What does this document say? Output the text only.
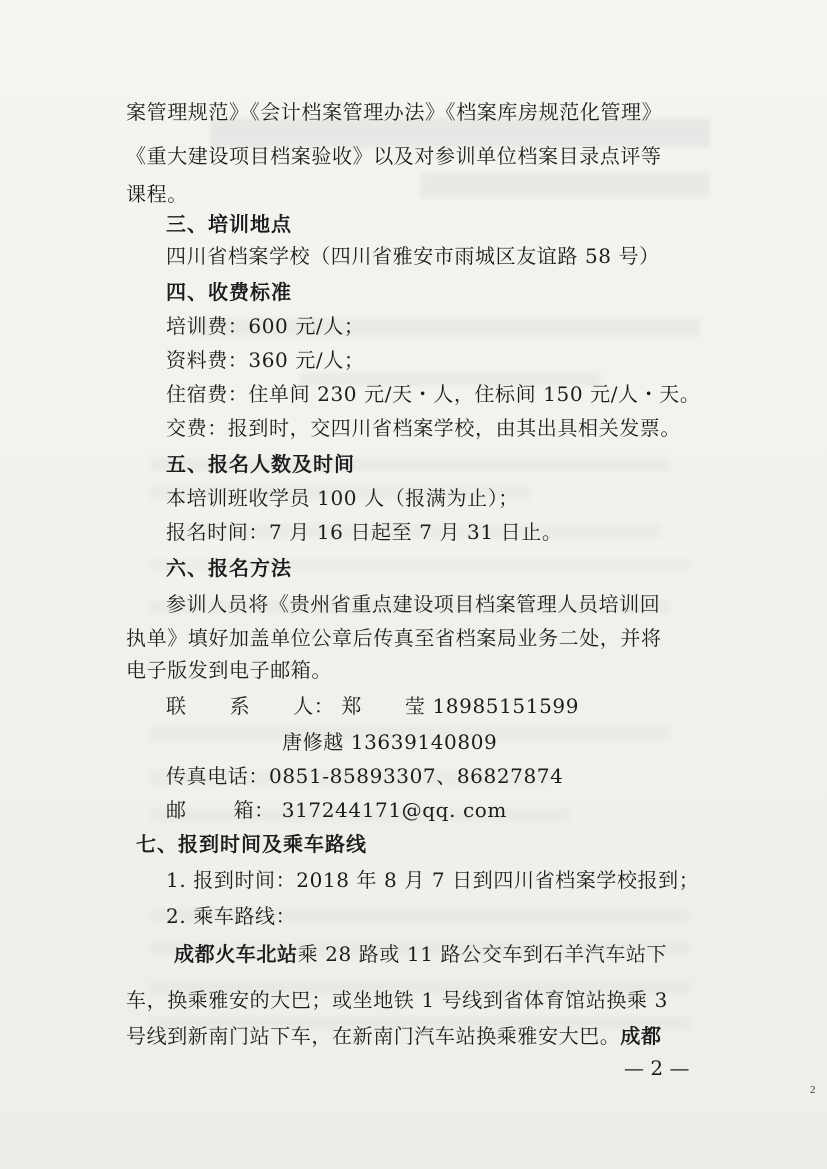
案管理规范》《会计档案管理办法》《档案库房规范化管理》
《重大建设项目档案验收》以及对参训单位档案目录点评等
课程。
三、培训地点
四川省档案学校（四川省雅安市雨城区友谊路 58 号）
四、收费标准
培训费：600 元/人；
资料费：360 元/人；
住宿费：住单间 230 元/天・人，住标间 150 元/人・天。
交费：报到时，交四川省档案学校，由其出具相关发票。
五、报名人数及时间
本培训班收学员 100 人（报满为止）；
报名时间：7 月 16 日起至 7 月 31 日止。
六、报名方法
参训人员将《贵州省重点建设项目档案管理人员培训回
执单》填好加盖单位公章后传真至省档案局业务二处，并将
电子版发到电子邮箱。
联 系 人： 郑 莹 18985151599
唐修越 13639140809
传真电话：0851-85893307、86827874
邮 箱： 317244171@qq. com
七、报到时间及乘车路线
1. 报到时间：2018 年 8 月 7 日到四川省档案学校报到；
2. 乘车路线：
成都火车北站乘 28 路或 11 路公交车到石羊汽车站下
车，换乘雅安的大巴；或坐地铁 1 号线到省体育馆站换乘 3
号线到新南门站下车，在新南门汽车站换乘雅安大巴。成都
— 2 —
2
